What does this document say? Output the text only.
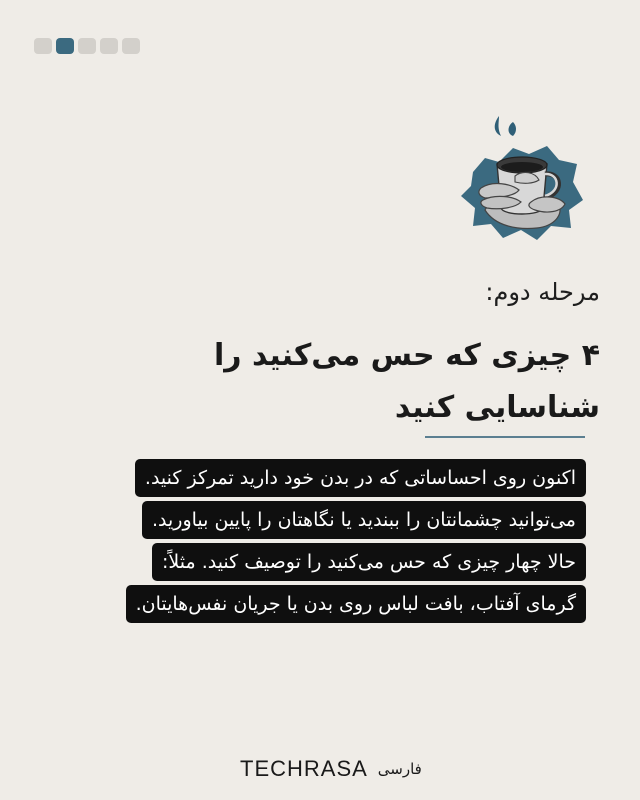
مرحله دوم:

۴ چیزی که حس می‌کنید را
شناسایی کنید
اکنون روی احساساتی که در بدن خود دارید تمرکز کنید.
می‌توانید چشمانتان را ببندید یا نگاهتان را پایین بیاورید.
حالا چهار چیزی که حس می‌کنید را توصیف کنید. مثلاً:
گرمای آفتاب، بافت لباس روی بدن یا جریان نفس‌هایتان.
TECHRASA فارسی
